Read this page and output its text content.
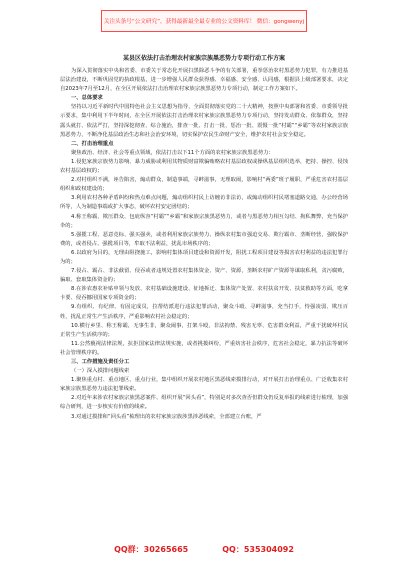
关注头条号“公文研究”，获得最新最全最专业的公文资料库！ 微信：gongwenyj
某县区依法打击治理农村家族宗族黑恶势力专项行动工作方案

为深入贯彻落实中央和省委、市委关于常态化开展扫黑除恶斗争的有关部署，重拳惩治农村黑恶势力犯罪，有力推进基层法治建设，不断巩固党的执政根基，进一步增强人民群众获得感、幸福感、安全感、认同感，根据县上级部署要求，决定自2023年7月至12月，在全区开展依法打击治理农村家族宗族黑恶势力专项行动，制定工作方案如下。

一、总体要求

坚持以习近平新时代中国特色社会主义思想为指导，全面贯彻落实党的二十大精神，按照中央部署和省委、市委领导批示要求，集中利用下半年时间，在全区开展依法打击治理农村家族宗族黑恶势力专项行动，坚持发动群众、依靠群众，坚持露头就打、依法严打，坚持深挖彻查、综合施治，排查一批、打击一批、惩治一批、震慑一批“村霸”“乡霸”等农村家族宗族黑恶势力，不断净化基层政治生态和社会治安环境，切实保护农民生命财产安全，维护农村社会安全稳定。

二、打击治理重点

聚焦政治、经济、社会等重点领域，依法打击以下11个方面的农村家族宗族黑恶势力：

1.侵犯家族宗族势力影响、暴力威胁或利用其物质财富欺骗贿赂农村基层政权或操纵基层组织选举，把持、操控、侵蚀农村基层政权的；

2.对村组织不满，诬告陷害，煽动群众，制造事端，寻衅滋事，无理取闹，影响村“两委”班子履职，严重危害农村基层组织和政权建设的；

3.利用农村各种矛盾纠纷和热点难点问题，煽动组织村民上访缠访非法访，或煽动组织村民堵塞道路交通，办公经营场所等，人为制造事端或扩大事态，破坏农村安定团结的；

4.称王称霸、欺压群众、包庇纵容“村霸”“乡霸”和家族宗族黑恶势力，或者与黑恶势力相互勾结、拘私舞弊，充当保护伞的；

5.强揽工程、恶意竞标、强买强卖，或者利用家族宗族势力、操纵农村集市强迫交易、欺行霸市、垄断经营，强收保护费的，或者侵占、强揽项目等，牟取不法利益，扰乱市场秩序的；

6.以政府为目的，无理由阻挠施工，影响村集体项目建设和资源开发，阻扰工程项目建设等损害农村利益的违法犯罪行为的；

7.侵占、霸占、非法截留、侵吞或者违规处置农村集体资金、资产、资源，垄断农村矿产资源等谋取私利，贪污腐败，骗取、套取集体资金的；

8.在涉农惠农补贴申领与发放、农村基础设施建设、征地拆迁、集体资产处置、农村扶贫开发、扶贫救助等方面，吃拿卡要、侵吞挪用国家专项资金的；

9.有组织、有纪律、有固定成员，拉帮结派进行违法犯罪活动，聚众斗殴、寻衅滋事，充当打手，恃强凌弱、欺压百姓，扰乱正常生产生活秩序，严重影响农村社会稳定的；

10.横行乡里、称王称霸，无事生非，聚众闹事，打架斗殴，非法拘禁、残害无辜、危害群众利益，严重干扰破坏村民正常生产生活秩序的；

11.公然藐视法律法规，抗拒国家法律法规实施，或者挑拨纠纷，严重妨害社会秩序，危害社会稳定，暴力抗法等破坏社会管理秩序的。

三、工作措施及责任分工

（一）深入摸排问题线索

1.聚焦重点村、重点地区、重点行业，集中组织开展农村地区黑恶线索摸排行动，对开展打击治理重点、广泛收集农村家族宗族黑恶势力违法犯罪线索。

2.对近年来涉农村家族宗族黑恶案件、组织开展“回头看”，特别是对多次查否但群众仍反复举报的线索进行梳理，加强综合研判，进一步核实有价值的线索。

3.对通过摸排和“回头看”梳理出的农村家族宗族涉黑涉恶线索，全部建立台账，严

QQ群：30265665	QQ：535304092
